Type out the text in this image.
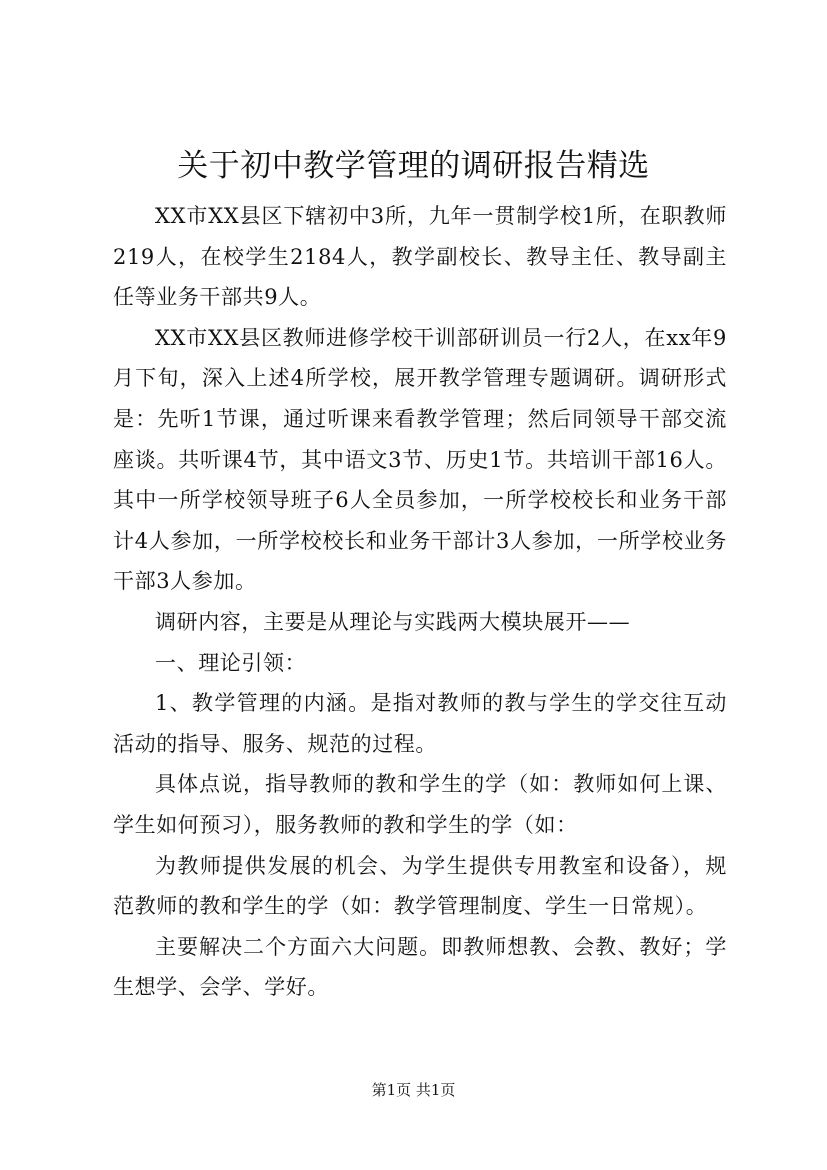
关于初中教学管理的调研报告精选

XX市XX县区下辖初中3所，九年一贯制学校1所，在职教师219人，在校学生2184人，教学副校长、教导主任、教导副主任等业务干部共9人。

XX市XX县区教师进修学校干训部研训员一行2人，在xx年9月下旬，深入上述4所学校，展开教学管理专题调研。调研形式是：先听1节课，通过听课来看教学管理；然后同领导干部交流座谈。共听课4节，其中语文3节、历史1节。共培训干部16人。其中一所学校领导班子6人全员参加，一所学校校长和业务干部计4人参加，一所学校校长和业务干部计3人参加，一所学校业务干部3人参加。

调研内容，主要是从理论与实践两大模块展开——

一、理论引领：

1、教学管理的内涵。是指对教师的教与学生的学交往互动活动的指导、服务、规范的过程。

具体点说，指导教师的教和学生的学（如：教师如何上课、学生如何预习），服务教师的教和学生的学（如：

为教师提供发展的机会、为学生提供专用教室和设备），规范教师的教和学生的学（如：教学管理制度、学生一日常规）。

主要解决二个方面六大问题。即教师想教、会教、教好；学生想学、会学、学好。

第1页 共1页
